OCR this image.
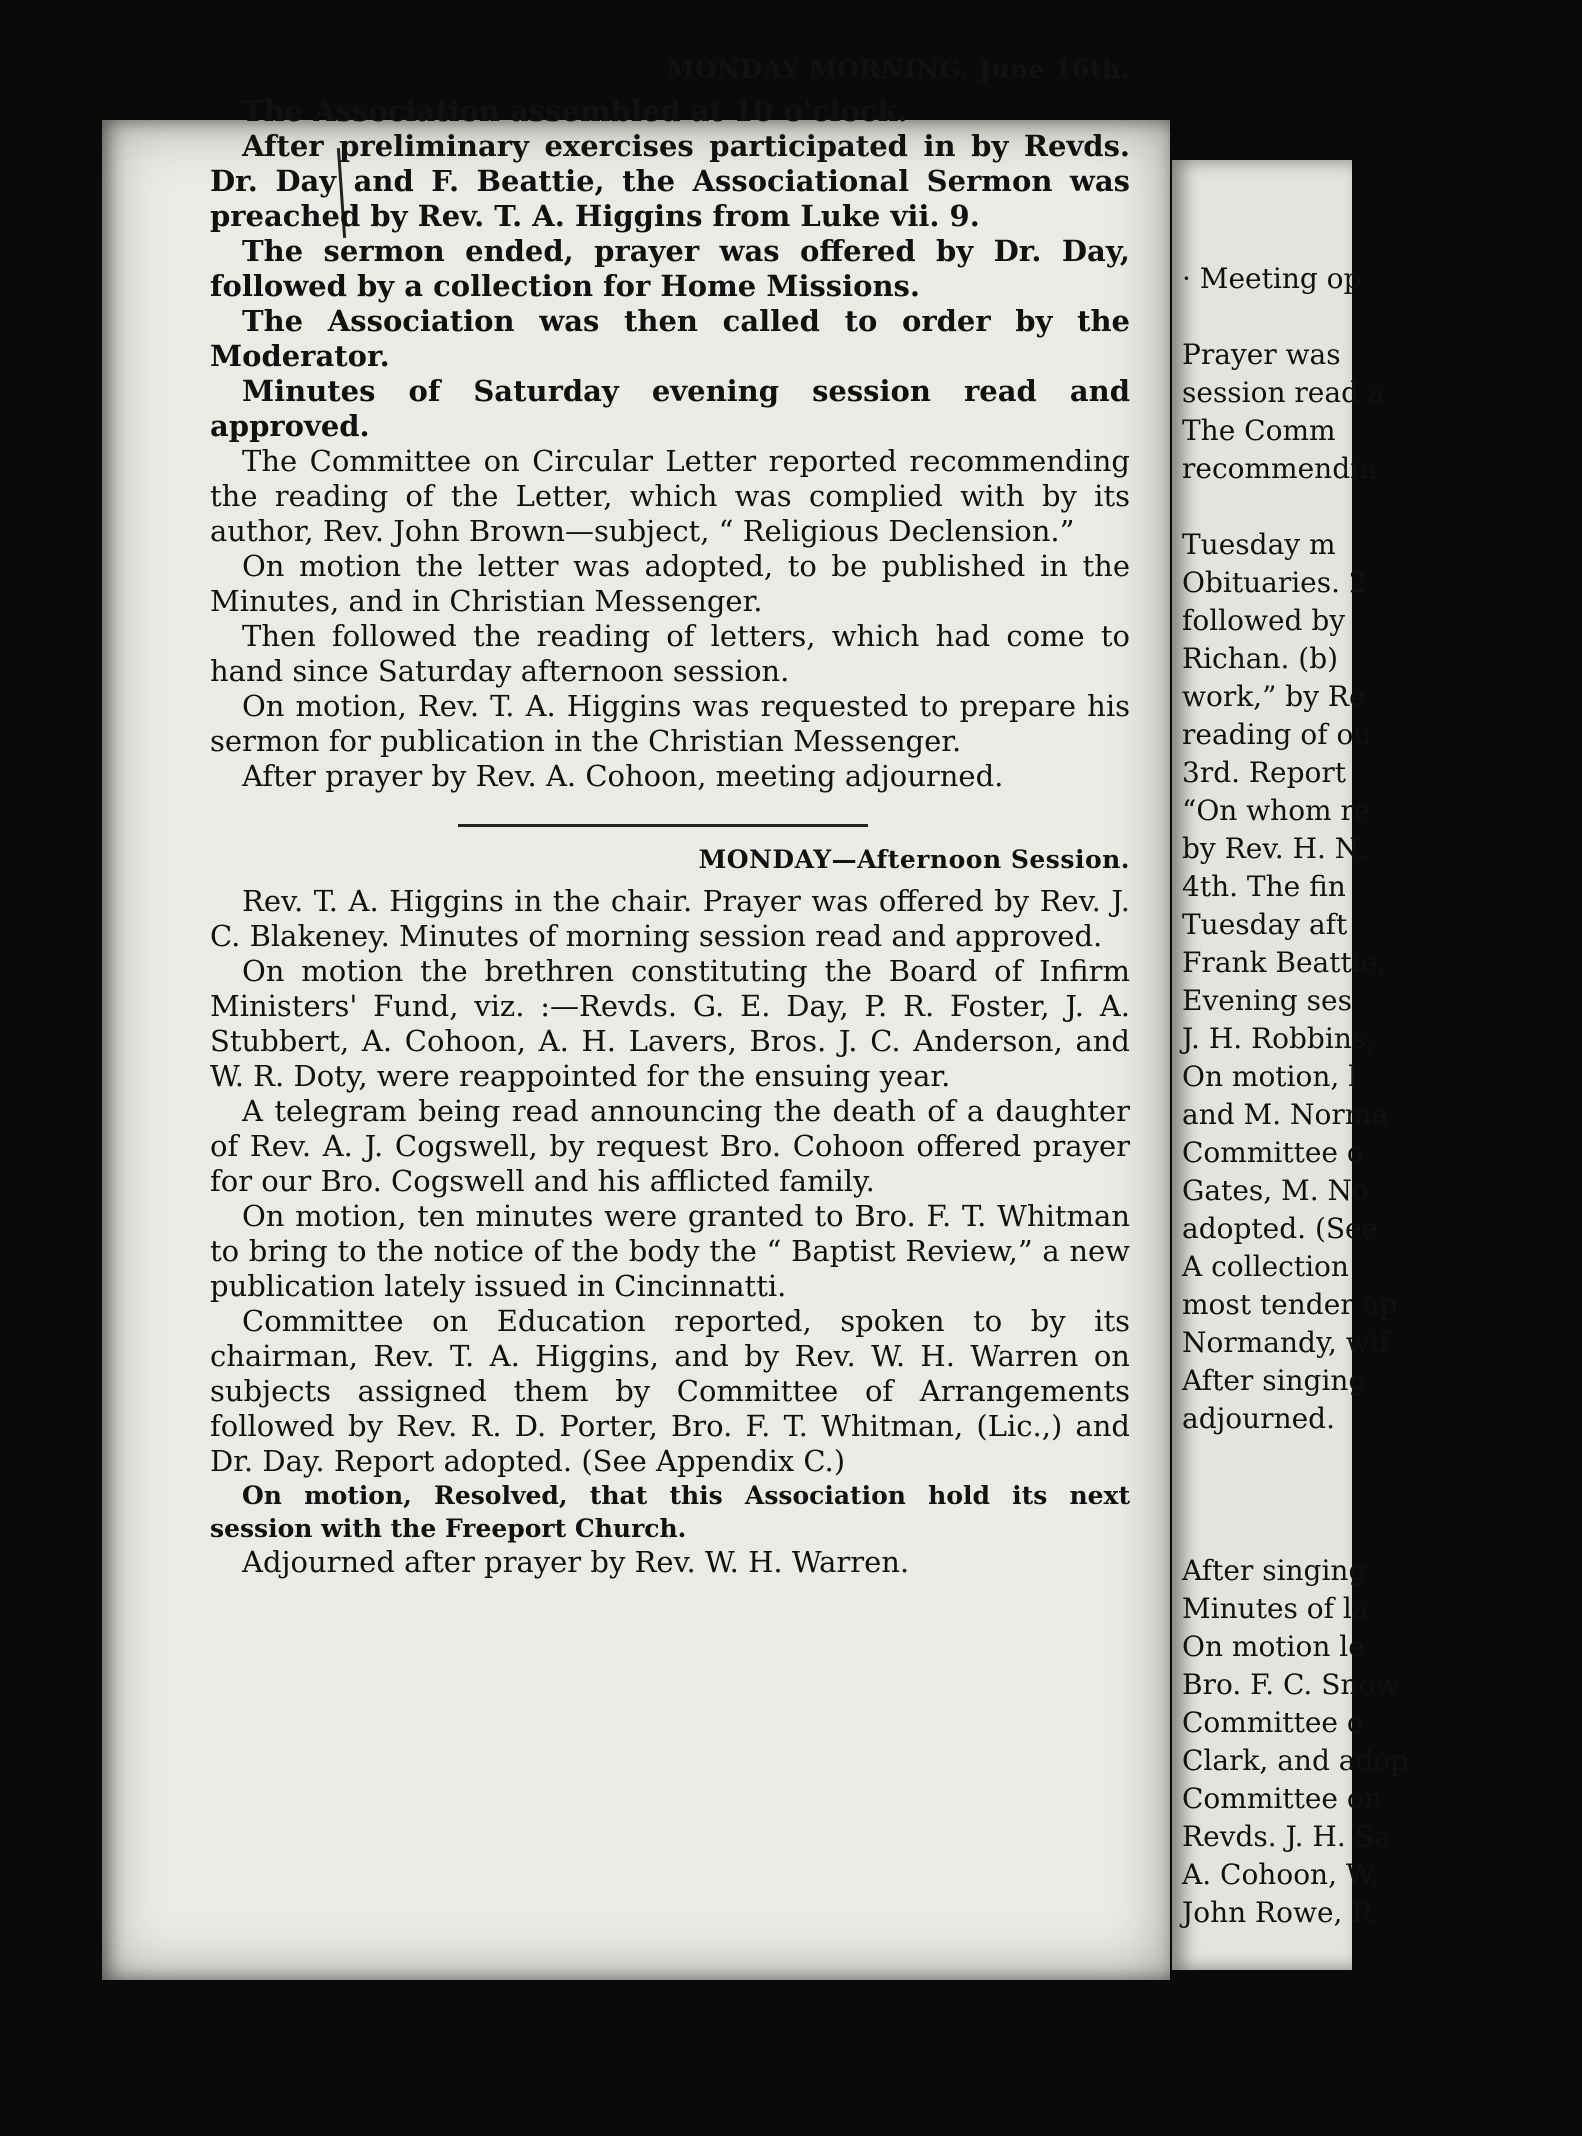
· Meeting op
Prayer was
session read a
The Comm
recommendin
Tuesday m
Obituaries. 2
followed by
Richan. (b)
work,” by Re
reading of ou
3rd. Report
“On whom re
by Rev. H. N.
4th. The fin
Tuesday aft
Frank Beattie,
Evening ses
J. H. Robbins,
On motion, l
and M. Norma
Committee o
Gates, M. No
adopted. (See
A collection
most tender ap
Normandy, wif
After singing
adjourned.
After singing
Minutes of la
On motion le
Bro. F. C. Snow
Committee o
Clark, and adop
Committee on
Revds. J. H. Sa
A. Cohoon, W.
John Rowe, R
MONDAY MORNING, June 16th.

The Association assembled at 10 o'clock.

After preliminary exercises participated in by Revds. Dr. Day and F. Beattie, the Associational Sermon was preached by Rev. T. A. Higgins from Luke vii. 9.

The sermon ended, prayer was offered by Dr. Day, followed by a collection for Home Missions.

The Association was then called to order by the Moderator.

Minutes of Saturday evening session read and approved.

The Committee on Circular Letter reported recommending the reading of the Letter, which was complied with by its author, Rev. John Brown—subject, “ Religious Declension.”

On motion the letter was adopted, to be published in the Minutes, and in Christian Messenger.

Then followed the reading of letters, which had come to hand since Saturday afternoon session.

On motion, Rev. T. A. Higgins was requested to prepare his sermon for publication in the Christian Messenger.

After prayer by Rev. A. Cohoon, meeting adjourned.

MONDAY—Afternoon Session.

Rev. T. A. Higgins in the chair. Prayer was offered by Rev. J. C. Blakeney. Minutes of morning session read and approved.

On motion the brethren constituting the Board of Infirm Ministers' Fund, viz. :—Revds. G. E. Day, P. R. Foster, J. A. Stubbert, A. Cohoon, A. H. Lavers, Bros. J. C. Anderson, and W. R. Doty, were reappointed for the ensuing year.

A telegram being read announcing the death of a daughter of Rev. A. J. Cogswell, by request Bro. Cohoon offered prayer for our Bro. Cogswell and his afflicted family.

On motion, ten minutes were granted to Bro. F. T. Whitman to bring to the notice of the body the “ Baptist Review,” a new publication lately issued in Cincinnatti.

Committee on Education reported, spoken to by its chairman, Rev. T. A. Higgins, and by Rev. W. H. Warren on subjects assigned them by Committee of Arrangements followed by Rev. R. D. Porter, Bro. F. T. Whitman, (Lic.,) and Dr. Day. Report adopted. (See Appendix C.)

On motion, Resolved, that this Association hold its next session with the Freeport Church.

Adjourned after prayer by Rev. W. H. Warren.
